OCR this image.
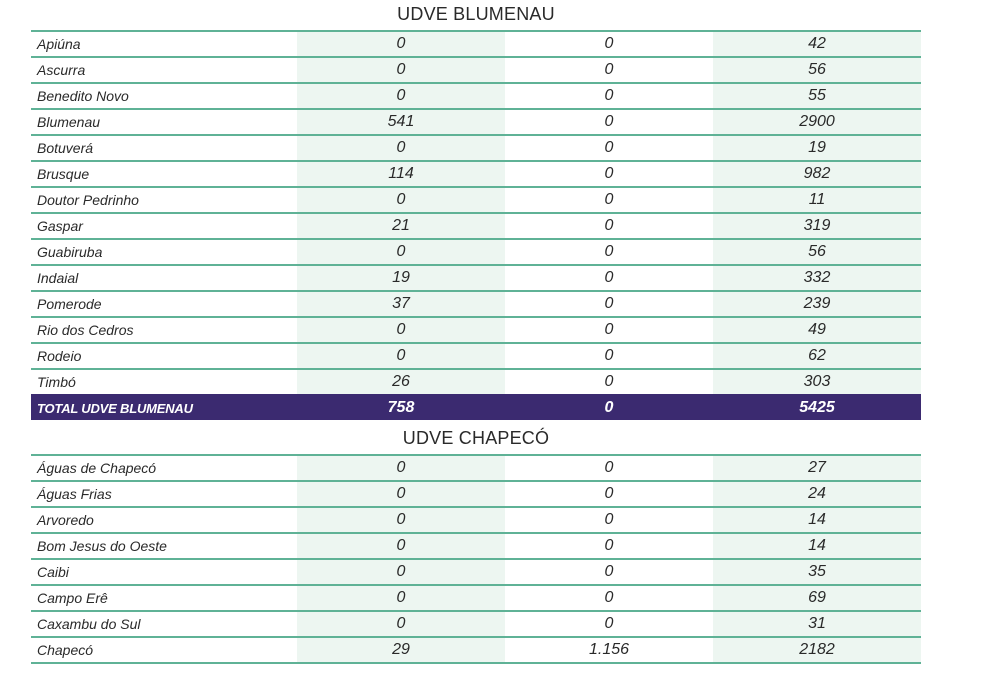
UDVE BLUMENAU
Apiúna	0	0	42
Ascurra	0	0	56
Benedito Novo	0	0	55
Blumenau	541	0	2900
Botuverá	0	0	19
Brusque	114	0	982
Doutor Pedrinho	0	0	11
Gaspar	21	0	319
Guabiruba	0	0	56
Indaial	19	0	332
Pomerode	37	0	239
Rio dos Cedros	0	0	49
Rodeio	0	0	62
Timbó	26	0	303
TOTAL UDVE BLUMENAU	758	0	5425
UDVE CHAPECÓ
Águas de Chapecó	0	0	27
Águas Frias	0	0	24
Arvoredo	0	0	14
Bom Jesus do Oeste	0	0	14
Caibi	0	0	35
Campo Erê	0	0	69
Caxambu do Sul	0	0	31
Chapecó	29	1.156	2182
